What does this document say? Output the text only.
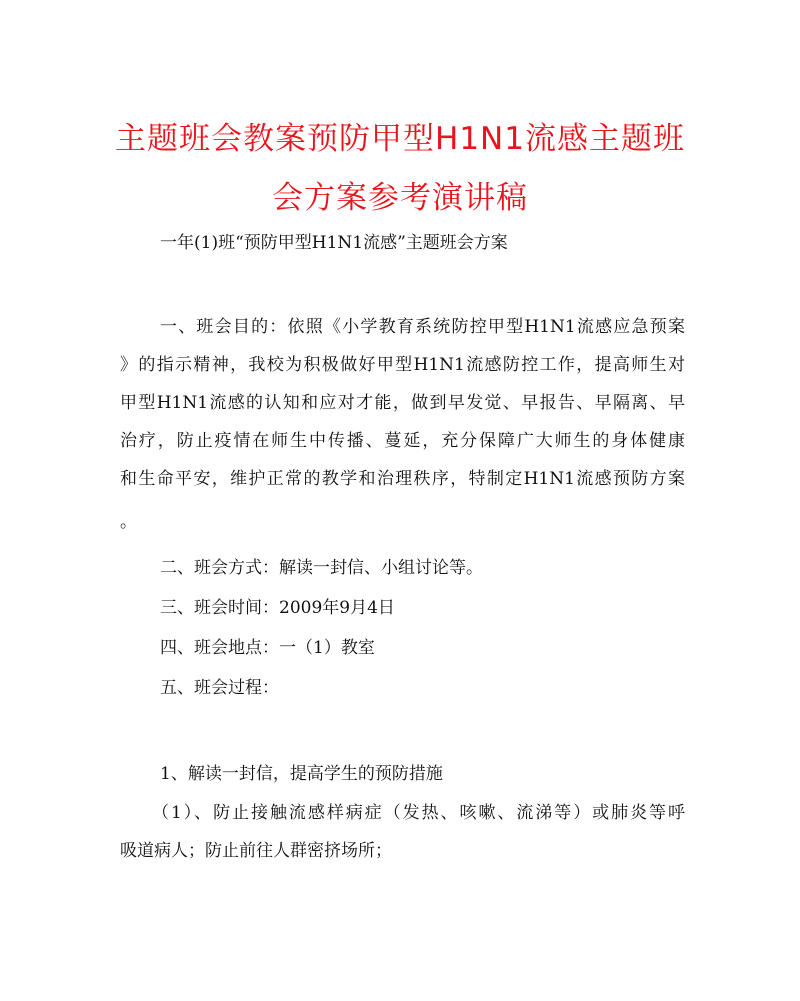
主题班会教案预防甲型H1N1流感主题班
会方案参考演讲稿
一年(1)班“预防甲型H1N1流感”主题班会方案
一、班会目的：依照《小学教育系统防控甲型H1N1流感应急预案
》的指示精神，我校为积极做好甲型H1N1流感防控工作，提高师生对
甲型H1N1流感的认知和应对才能，做到早发觉、早报告、早隔离、早
治疗，防止疫情在师生中传播、蔓延，充分保障广大师生的身体健康
和生命平安，维护正常的教学和治理秩序，特制定H1N1流感预防方案
。
二、班会方式：解读一封信、小组讨论等。
三、班会时间：2009年9月4日
四、班会地点：一（1）教室
五、班会过程：
1、解读一封信，提高学生的预防措施
（1）、防止接触流感样病症（发热、咳嗽、流涕等）或肺炎等呼
吸道病人；防止前往人群密挤场所；
